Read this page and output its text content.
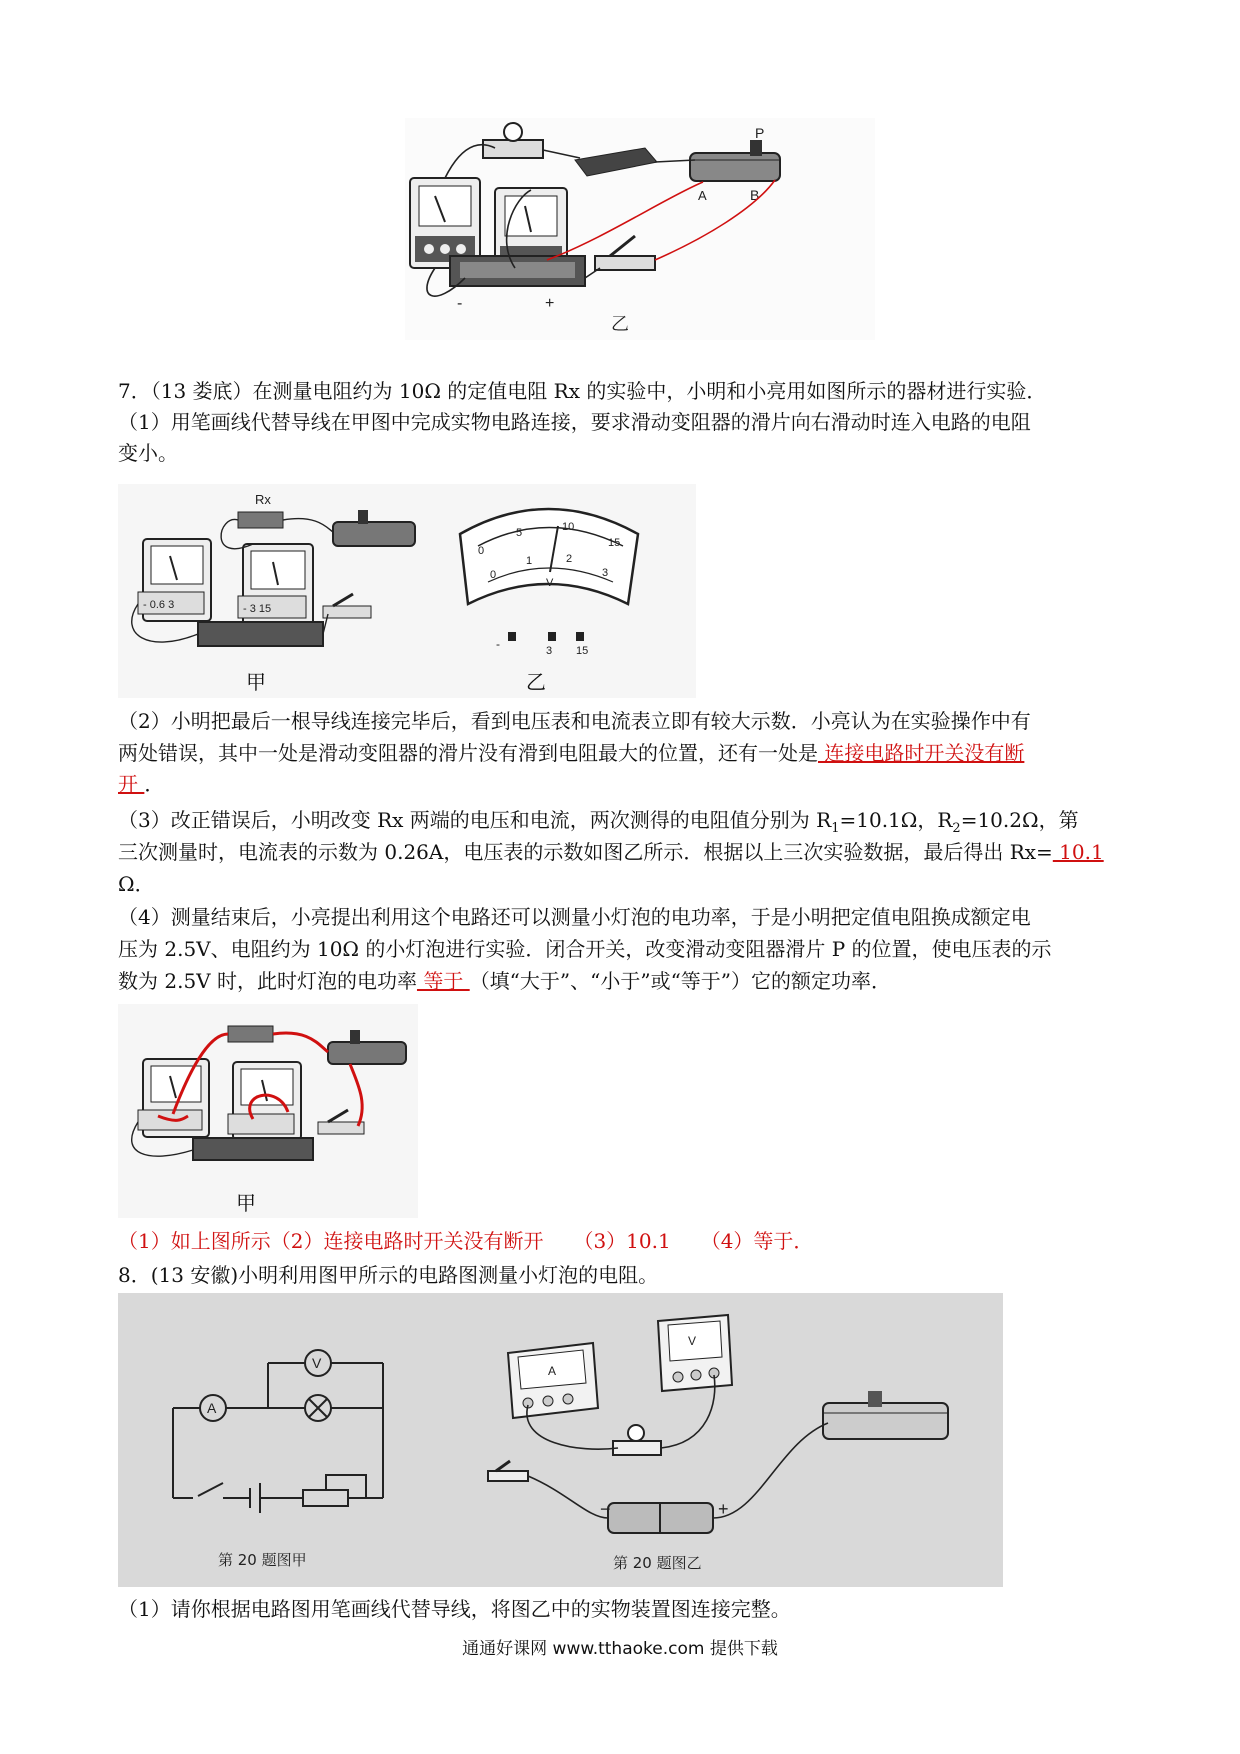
P
A	B
-	+
乙
7．（13 娄底）在测量电阻约为 10Ω 的定值电阻 Rx 的实验中，小明和小亮用如图所示的器材进行实验．
（1）用笔画线代替导线在甲图中完成实物电路连接，要求滑动变阻器的滑片向右滑动时连入电路的电阻
变小。
Rx
- 0.6 3	- 3 15
甲
0
5	10
15
0
1	2
3
V
-	3 15
乙
（2）小明把最后一根导线连接完毕后，看到电压表和电流表立即有较大示数．小亮认为在实验操作中有
两处错误，其中一处是滑动变阻器的滑片没有滑到电阻最大的位置，还有一处是 连接电路时开关没有断
开 ．
（3）改正错误后，小明改变 Rx 两端的电压和电流，两次测得的电阻值分别为 $R_1=10.1\Omega$，$R_2=10.2\Omega$，第
三次测量时，电流表的示数为 0.26A，电压表的示数如图乙所示．根据以上三次实验数据，最后得出 Rx= 10.1
Ω．
（4）测量结束后，小亮提出利用这个电路还可以测量小灯泡的电功率，于是小明把定值电阻换成额定电
压为 2.5V、电阻约为 10Ω 的小灯泡进行实验．闭合开关，改变滑动变阻器滑片 P 的位置，使电压表的示
数为 2.5V 时，此时灯泡的电功率 等于 （填“大于”、“小于”或“等于”）它的额定功率．
甲
（1）如上图所示（2）连接电路时开关没有断开　　（3）10.1　　（4）等于．
8．(13 安徽)小明利用图甲所示的电路图测量小灯泡的电阻。
A
V
第 20 题图甲
A
V
−	+
第 20 题图乙
（1）请你根据电路图用笔画线代替导线，将图乙中的实物装置图连接完整。
通通好课网 www.tthaoke.com 提供下载
